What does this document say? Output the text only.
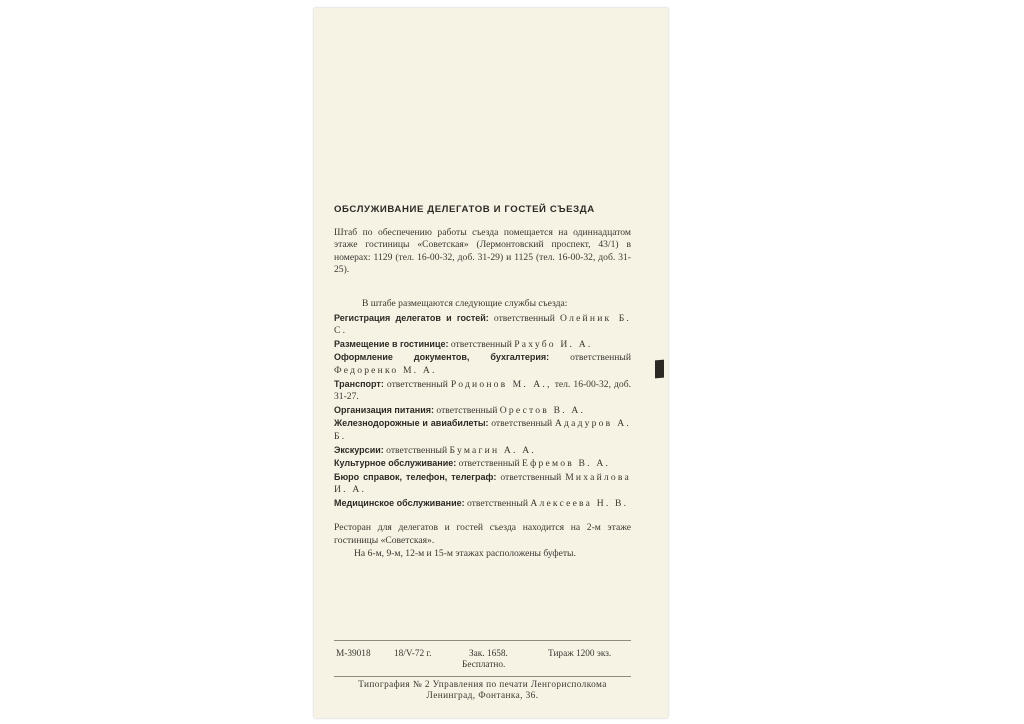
ОБСЛУЖИВАНИЕ ДЕЛЕГАТОВ И ГОСТЕЙ СЪЕЗДА

Штаб по обеспечению работы съезда помещается на одиннадцатом этаже гостиницы «Советская» (Лермонтовский проспект, 43/1) в номерах: 1129 (тел. 16-00-32, доб. 31-29) и 1125 (тел. 16-00-32, доб. 31-25).

В штабе размещаются следующие службы съезда:

Регистрация делегатов и гостей: ответственный Олейник Б. С.

Размещение в гостинице: ответственный Рахубо И. А.

Оформление документов, бухгалтерия: ответственный Федоренко М. А.

Транспорт: ответственный Родионов М. А., тел. 16-00-32, доб. 31-27.

Организация питания: ответственный Орестов В. А.

Железнодорожные и авиабилеты: ответственный Ададуров А. Б.

Экскурсии: ответственный Бумагин А. А.

Культурное обслуживание: ответственный Ефремов В. А.

Бюро справок, телефон, телеграф: ответственный Михайлова И. А.

Медицинское обслуживание: ответственный Алексеева Н. В.

Ресторан для делегатов и гостей съезда находится на 2-м этаже гостиницы «Советская».

На 6-м, 9-м, 12-м и 15-м этажах расположены буфеты.

М-39018	18/V-72 г.	Зак. 1658.	Тираж 1200 экз.
Бесплатно.
Типография № 2 Управления по печати Ленгорисполкома
Ленинград, Фонтанка, 36.
